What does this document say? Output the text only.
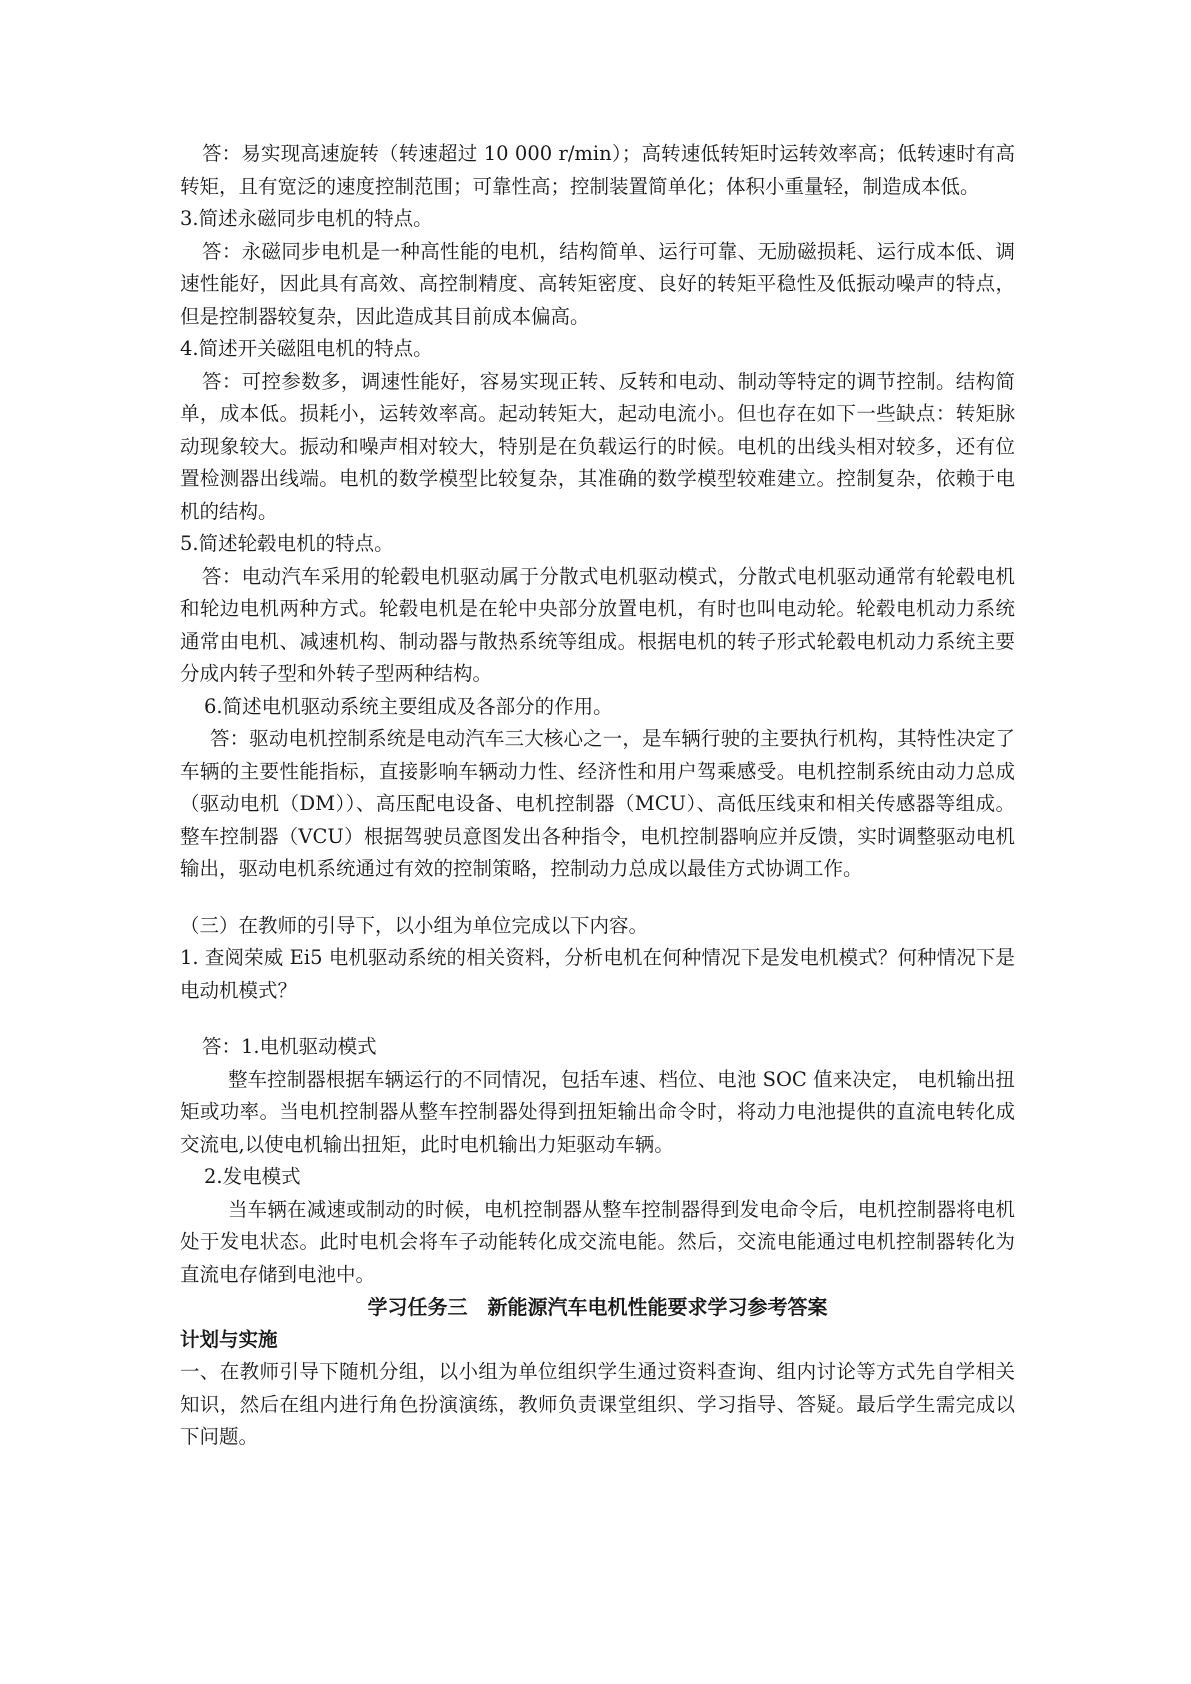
答：易实现高速旋转（转速超过 10 000 r/min）；高转速低转矩时运转效率高；低转速时有高转矩，且有宽泛的速度控制范围；可靠性高；控制装置简单化；体积小重量轻，制造成本低。

3.简述永磁同步电机的特点。

答：永磁同步电机是一种高性能的电机，结构简单、运行可靠、无励磁损耗、运行成本低、调速性能好，因此具有高效、高控制精度、高转矩密度、良好的转矩平稳性及低振动噪声的特点，但是控制器较复杂，因此造成其目前成本偏高。

4.简述开关磁阻电机的特点。

答：可控参数多，调速性能好，容易实现正转、反转和电动、制动等特定的调节控制。结构简单，成本低。损耗小，运转效率高。起动转矩大，起动电流小。但也存在如下一些缺点：转矩脉动现象较大。振动和噪声相对较大，特别是在负载运行的时候。电机的出线头相对较多，还有位置检测器出线端。电机的数学模型比较复杂，其准确的数学模型较难建立。控制复杂，依赖于电机的结构。

5.简述轮毂电机的特点。

答：电动汽车采用的轮毂电机驱动属于分散式电机驱动模式，分散式电机驱动通常有轮毂电机和轮边电机两种方式。轮毂电机是在轮中央部分放置电机，有时也叫电动轮。轮毂电机动力系统通常由电机、减速机构、制动器与散热系统等组成。根据电机的转子形式轮毂电机动力系统主要分成内转子型和外转子型两种结构。

6.简述电机驱动系统主要组成及各部分的作用。

答：驱动电机控制系统是电动汽车三大核心之一，是车辆行驶的主要执行机构，其特性决定了车辆的主要性能指标，直接影响车辆动力性、经济性和用户驾乘感受。电机控制系统由动力总成（驱动电机（DM））、高压配电设备、电机控制器（MCU）、高低压线束和相关传感器等组成。整车控制器（VCU）根据驾驶员意图发出各种指令，电机控制器响应并反馈，实时调整驱动电机输出，驱动电机系统通过有效的控制策略，控制动力总成以最佳方式协调工作。

（三）在教师的引导下，以小组为单位完成以下内容。

1. 查阅荣威 Ei5 电机驱动系统的相关资料，分析电机在何种情况下是发电机模式？何种情况下是电动机模式？

答：1.电机驱动模式

整车控制器根据车辆运行的不同情况，包括车速、档位、电池 SOC 值来决定， 电机输出扭矩或功率。当电机控制器从整车控制器处得到扭矩输出命令时，将动力电池提供的直流电转化成交流电,以使电机输出扭矩，此时电机输出力矩驱动车辆。

2.发电模式

当车辆在减速或制动的时候，电机控制器从整车控制器得到发电命令后，电机控制器将电机处于发电状态。此时电机会将车子动能转化成交流电能。然后，交流电能通过电机控制器转化为直流电存储到电池中。

学习任务三　新能源汽车电机性能要求学习参考答案

计划与实施

一、在教师引导下随机分组，以小组为单位组织学生通过资料查询、组内讨论等方式先自学相关知识，然后在组内进行角色扮演演练，教师负责课堂组织、学习指导、答疑。最后学生需完成以下问题。
